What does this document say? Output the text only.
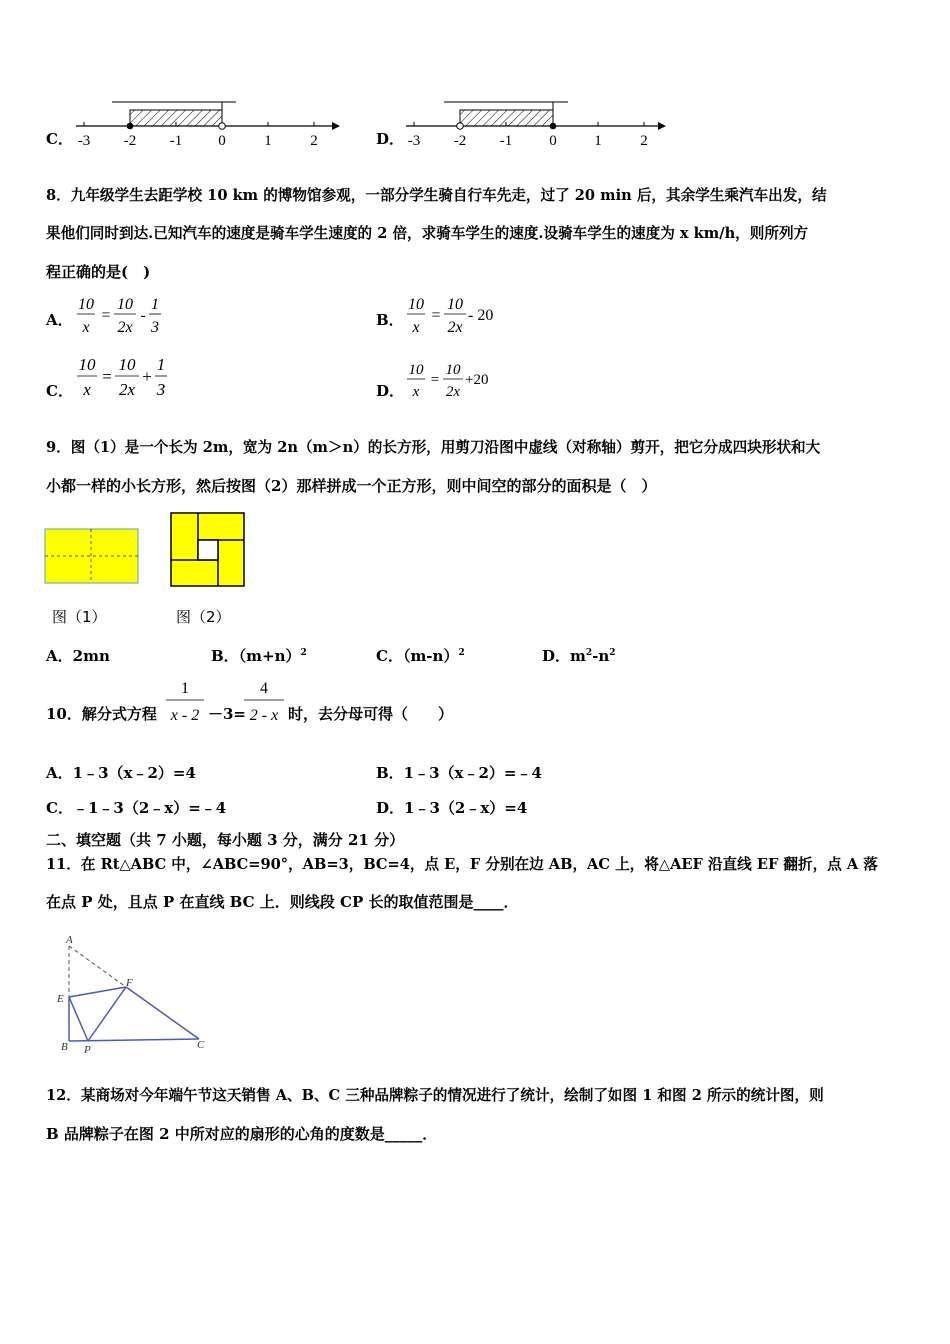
C． -3 -2 -1 0	1	2	D． -3 -2 -1 0	1	2
8．九年级学生去距学校 10 km 的博物馆参观，一部分学生骑自行车先走，过了 20 min 后，其余学生乘汽车出发，结
果他们同时到达.已知汽车的速度是骑车学生速度的 2 倍，求骑车学生的速度.设骑车学生的速度为 x km/h，则所列方
程正确的是(　)
A．
10
x
=
10
2x
-
1
3	B．
10
x
=
10
2x
- 20
C．
10
x
=
10
2x
+
1
3	D．
10
x
=
10
2x
+20
9．图（1）是一个长为 2m，宽为 2n（m＞n）的长方形，用剪刀沿图中虚线（对称轴）剪开，把它分成四块形状和大
小都一样的小长方形，然后按图（2）那样拼成一个正方形，则中间空的部分的面积是（　）
图（1）	图（2）
A．2mn	B．$(m+n)^2$	C．$(m-n)^2$	D．$m^2-n^2$
10．解分式方程
1
x - 2 －3=
4
2 - x 时，去分母可得（　　）
A．1﹣3（x﹣2）=4	B．1﹣3（x﹣2）=﹣4
C．﹣1﹣3（2﹣x）=﹣4	D．1﹣3（2﹣x）=4
二、填空题（共 7 小题，每小题 3 分，满分 21 分）
11．在 Rt△ABC 中，∠ABC=90°，AB=3，BC=4，点 E，F 分别在边 AB，AC 上，将△AEF 沿直线 EF 翻折，点 A 落
在点 P 处，且点 P 在直线 BC 上．则线段 CP 长的取值范围是____．
A
E
F
B P	C
12．某商场对今年端午节这天销售 A、B、C 三种品牌粽子的情况进行了统计，绘制了如图 1 和图 2 所示的统计图，则
B 品牌粽子在图 2 中所对应的扇形的心角的度数是_____．
